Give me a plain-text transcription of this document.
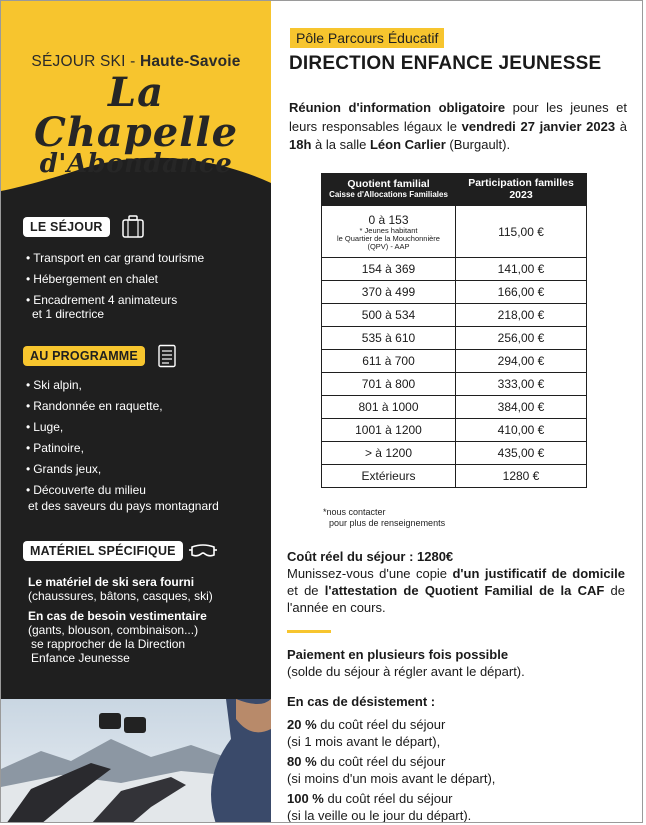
SÉJOUR SKI - Haute-Savoie
La Chapelle
d'Abondance
LE SÉJOUR
• Transport en car grand tourisme
• Hébergement en chalet
• Encadrement 4 animateurs
et 1 directrice
AU PROGRAMME
• Ski alpin,
• Randonnée en raquette,
• Luge,
• Patinoire,
• Grands jeux,
• Découverte du milieu
et des saveurs du pays montagnard
MATÉRIEL SPÉCIFIQUE

Le matériel de ski sera fourni
(chaussures, bâtons, casques, ski)

En cas de besoin vestimentaire
(gants, blouson, combinaison...)
se rapprocher de la Direction
Enfance Jeunesse

Pôle Parcours Éducatif
DIRECTION ENFANCE JEUNESSE

Réunion d'information obligatoire pour les jeunes et leurs responsables légaux le vendredi 27 janvier 2023 à 18h à la salle Léon Carlier (Burgault).

Quotient familial
Caisse d'Allocations Familiales	Participation familles
2023

0 à 153
* Jeunes habitant
le Quartier de la Mouchonnière
(QPV) - AAP	115,00 €
154 à 369	141,00 €
370 à 499	166,00 €
500 à 534	218,00 €
535 à 610	256,00 €
611 à 700	294,00 €
701 à 800	333,00 €
801 à 1000	384,00 €
1001 à 1200	410,00 €
> à 1200	435,00 €
Extérieurs	1280 €
*nous contacter
pour plus de renseignements
Coût réel du séjour : 1280€

Munissez-vous d'une copie d'un justificatif de domicile et de l'attestation de Quotient Familial de la CAF de l'année en cours.

Paiement en plusieurs fois possible
(solde du séjour à régler avant le départ).
En cas de désistement :
20 % du coût réel du séjour
(si 1 mois avant le départ),
80 % du coût réel du séjour
(si moins d'un mois avant le départ),
100 % du coût réel du séjour
(si la veille ou le jour du départ).
